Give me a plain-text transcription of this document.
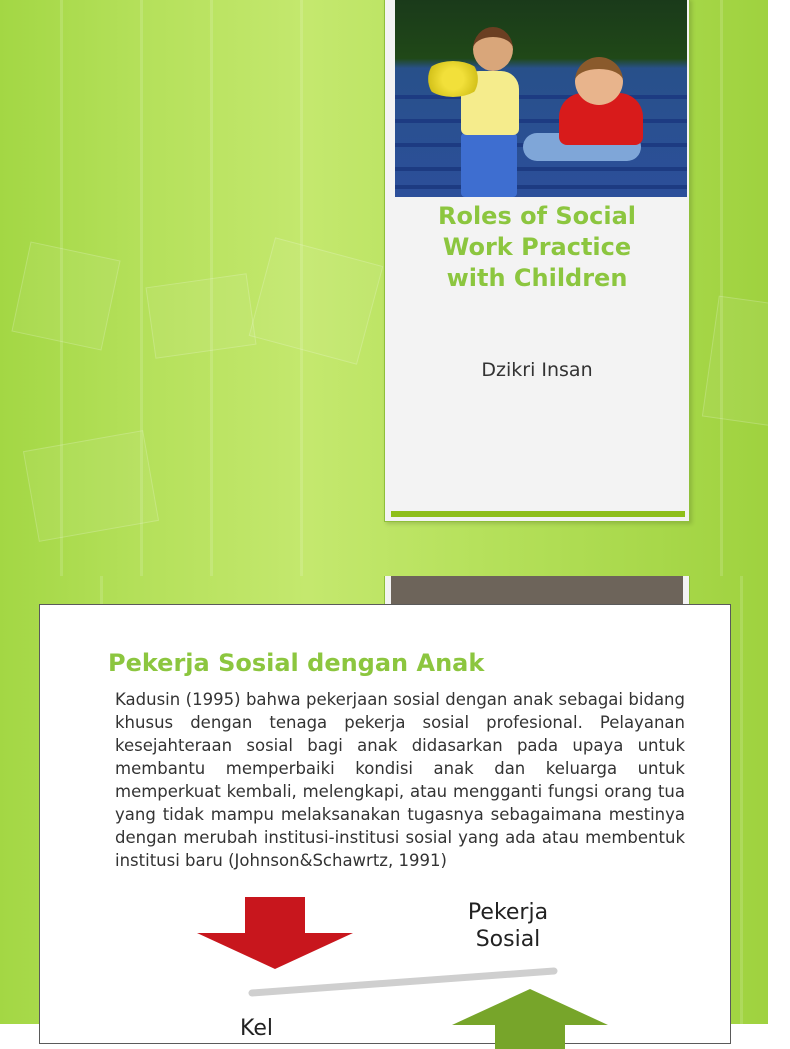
Roles of Social
Work Practice
with Children
Dzikri Insan
Pekerja Sosial dengan Anak
Kadusin (1995) bahwa pekerjaan sosial dengan anak sebagai bidang khusus dengan tenaga pekerja sosial profesional. Pelayanan kesejahteraan sosial bagi anak didasarkan pada upaya untuk membantu memperbaiki kondisi anak dan keluarga untuk memperkuat kembali, melengkapi, atau mengganti fungsi orang tua yang tidak mampu melaksanakan tugasnya sebagaimana mestinya dengan merubah institusi-institusi sosial yang ada atau membentuk institusi baru (Johnson&Schawrtz, 1991)
Pekerja
Sosial
Kel
